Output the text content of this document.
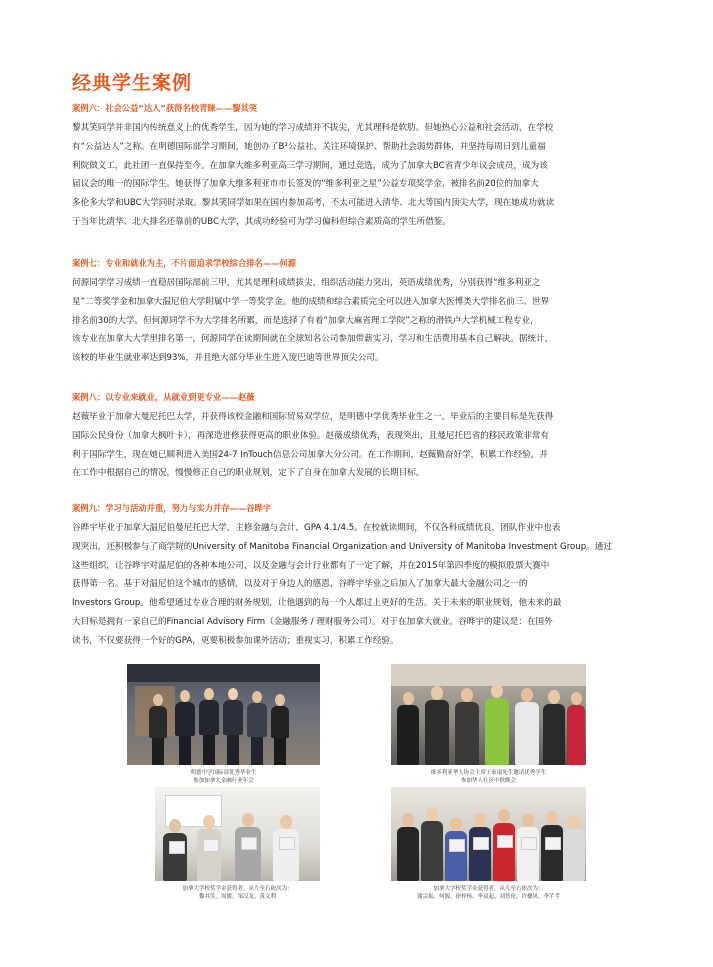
经典学生案例

案例六：社会公益“达人”获得名校青睐——黎其笑

黎其笑同学并非国内传统意义上的优秀学生，因为她的学习成绩并不拔尖，尤其理科是软肋。但她热心公益和社会活动，在学校
有“公益达人”之称。在明德国际部学习期间，她创办了B²公益社，关注环境保护、帮助社会弱势群体，并坚持每周日到儿童福
利院做义工，此社团一直保持至今。在加拿大维多利亚高三学习期间，通过竞选，成为了加拿大BC省青少年议会成员，成为该
届议会的唯一的国际学生。她获得了加拿大维多利亚市市长签发的“维多利亚之星”公益专项奖学金，被排名前20位的加拿大
多伦多大学和UBC大学同时录取。黎其笑同学如果在国内参加高考，不太可能进入清华、北大等国内顶尖大学，现在她成功就读
于当年比清华、北大排名还靠前的UBC大学，其成功经验可为学习偏科但综合素质高的学生所借鉴。

案例七：专业和就业为主，不片面追求学校综合排名——何源

何源同学学习成绩一直稳居国际部前三甲，尤其是理科成绩拔尖，组织活动能力突出，英语成绩优秀，分别获得“维多利亚之
星”二等奖学金和加拿大温尼伯大学附属中学一等奖学金。他的成绩和综合素质完全可以进入加拿大医博类大学排名前三、世界
排名前30的大学。但何源同学不为大学排名所累，而是选择了有着“加拿大麻省理工学院”之称的滑铁卢大学机械工程专业，
该专业在加拿大大学里排名第一，何源同学在读期间就在全球知名公司参加带薪实习，学习和生活费用基本自己解决。据统计，
该校的毕业生就业率达到93%，并且绝大部分毕业生进入庞巴迪等世界顶尖公司。

案例八：以专业来就业，从就业到更专业——赵薇

赵薇毕业于加拿大曼尼托巴大学，并获得该校金融和国际贸易双学位，是明德中学优秀毕业生之一。毕业后的主要目标是先获得
国际公民身份（加拿大枫叶卡），再深造进修获得更高的职业体验。赵薇成绩优秀，表现突出，且曼尼托巴省的移民政策非常有
利于国际学生，现在她已顺利进入美国24-7 InTouch信息公司加拿大分公司。在工作期间，赵薇勤奋好学，积累工作经验，并
在工作中根据自己的情况，慢慢修正自己的职业规划，定下了自身在加拿大发展的长期目标。

案例九：学习与活动并重，努力与实力并存——谷晔宇

谷晔宇毕业于加拿大温尼伯曼尼托巴大学，主修金融与会计，GPA 4.1/4.5。在校就读期间，不仅各科成绩优良，团队作业中也表
现突出，还积极参与了商学院的University of Manitoba Financial Organization and University of Manitoba Investment Group。通过
这些组织，让谷晔宇对温尼伯的各种本地公司，以及金融与会计行业都有了一定了解，并在2015年第四季度的模拟股票大赛中
获得第一名。基于对温尼伯这个城市的感情，以及对于身边人的感恩，谷晔宇毕业之后加入了加拿大最大金融公司之一的
Investors Group。他希望通过专业合理的财务规划，让他遇到的每一个人都过上更好的生活。关于未来的职业规划，他未来的最
大目标是拥有一家自己的Financial Advisory Firm（金融服务 / 理财服务公司）。对于在加拿大就业，谷晔宇的建议是：在国外
读书，不仅要获得一个好的GPA，更要积极参加课外活动；重视实习，积累工作经验。

明德中学国际部优秀毕业生
参加加拿大金融行业年会
维多利亚华人协会主席王家琨先生邀请优秀学生
参加华人社区中秋晚会
加拿大学校奖学金获得者，从左至右依次为：
黎其笑、周媛、邹汉龙、黄文利
加拿大学校奖学金获得者，从左至右依次为：
谢宗振、何源、徐梓杨、李双起、刘智伦、许楹风、季芊芊
